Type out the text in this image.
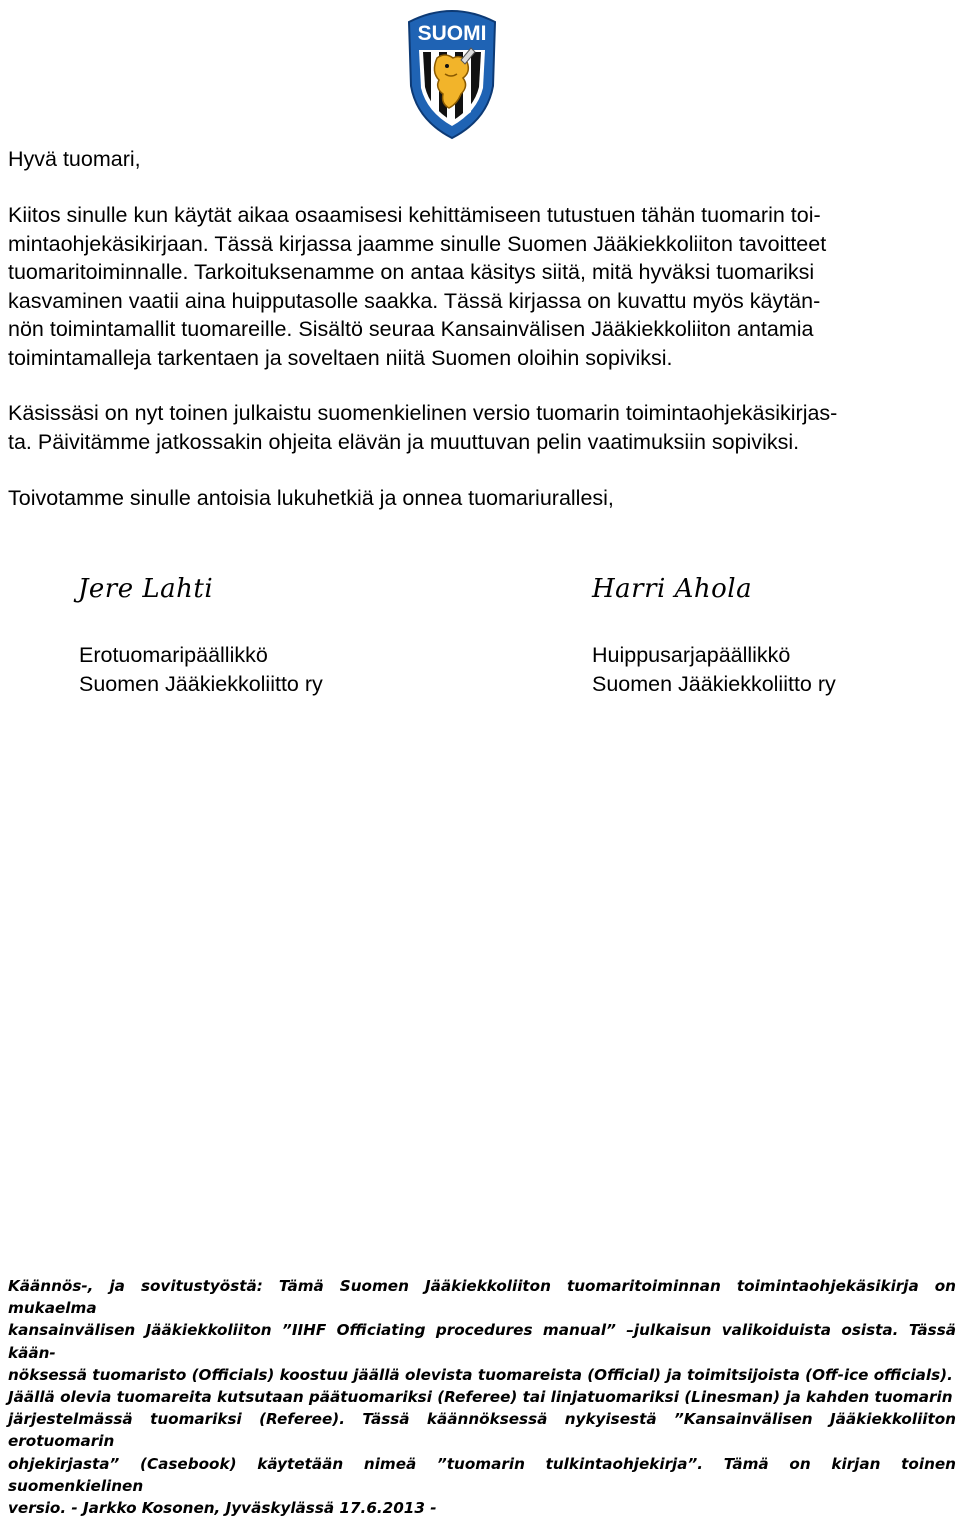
SUOMI
Hyvä tuomari,
Kiitos sinulle kun käytät aikaa osaamisesi kehittämiseen tutustuen tähän tuomarin toi-
mintaohjekäsikirjaan. Tässä kirjassa jaamme sinulle Suomen Jääkiekkoliiton tavoitteet
tuomaritoiminnalle. Tarkoituksenamme on antaa käsitys siitä, mitä hyväksi tuomariksi
kasvaminen vaatii aina huipputasolle saakka. Tässä kirjassa on kuvattu myös käytän-
nön toimintamallit tuomareille. Sisältö seuraa Kansainvälisen Jääkiekkoliiton antamia
toimintamalleja tarkentaen ja soveltaen niitä Suomen oloihin sopiviksi.
Käsissäsi on nyt toinen julkaistu suomenkielinen versio tuomarin toimintaohjekäsikirjas-
ta. Päivitämme jatkossakin ohjeita elävän ja muuttuvan pelin vaatimuksiin sopiviksi.
Toivotamme sinulle antoisia lukuhetkiä ja onnea tuomariurallesi,
Jere Lahti	Harri Ahola
Erotuomaripäällikkö
Suomen Jääkiekkoliitto ry
Huippusarjapäällikkö
Suomen Jääkiekkoliitto ry
Käännös-, ja sovitustyöstä: Tämä Suomen Jääkiekkoliiton tuomaritoiminnan toimintaohjekäsikirja on mukaelma
kansainvälisen Jääkiekkoliiton ”IIHF Officiating procedures manual” –julkaisun valikoiduista osista. Tässä kään-
nöksessä tuomaristo (Officials) koostuu jäällä olevista tuomareista (Official) ja toimitsijoista (Off-ice officials).
Jäällä olevia tuomareita kutsutaan päätuomariksi (Referee) tai linjatuomariksi (Linesman) ja kahden tuomarin
järjestelmässä tuomariksi (Referee). Tässä käännöksessä nykyisestä ”Kansainvälisen Jääkiekkoliiton erotuomarin
ohjekirjasta” (Casebook) käytetään nimeä ”tuomarin tulkintaohjekirja”. Tämä on kirjan toinen suomenkielinen
versio. - Jarkko Kosonen, Jyväskylässä 17.6.2013 -
